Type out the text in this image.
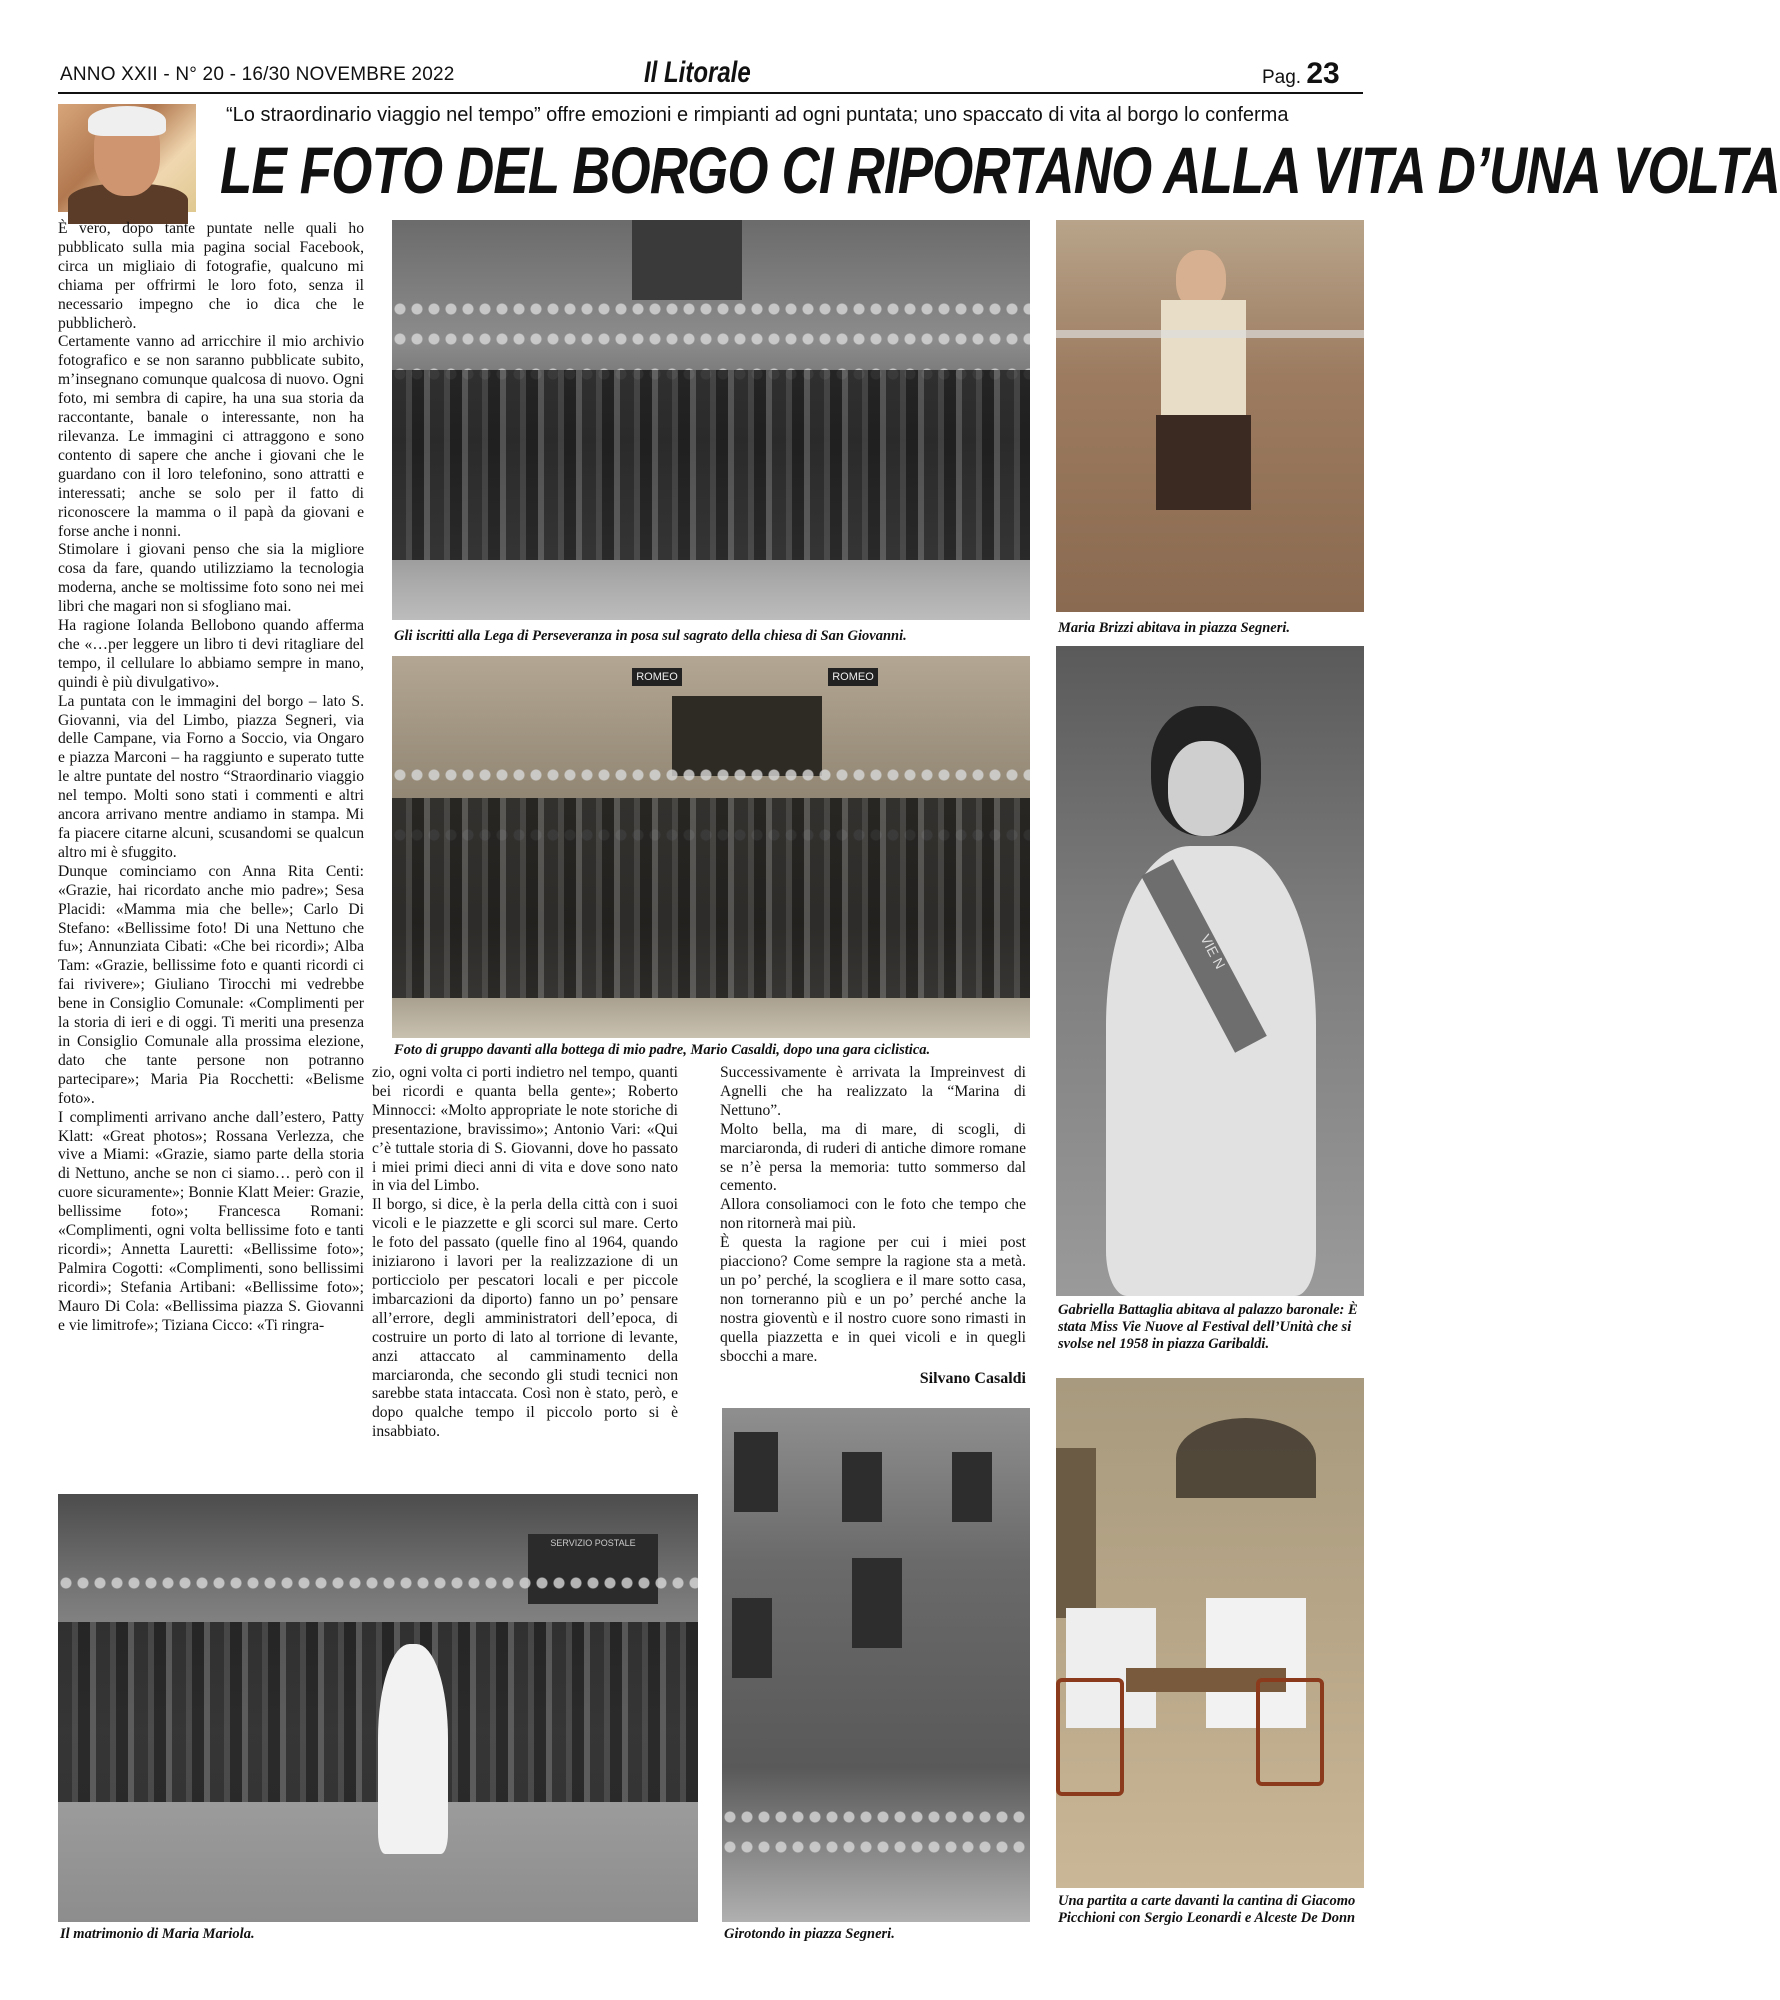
ANNO XXII - N° 20 - 16/30 NOVEMBRE 2022	Il Litorale	Pag. 23
“Lo straordinario viaggio nel tempo” offre emozioni e rimpianti ad ogni puntata; uno spaccato di vita al borgo lo conferma
LE FOTO DEL BORGO CI RIPORTANO ALLA VITA D’UNA VOLTA

È vero, dopo tante puntate nelle quali ho pubblicato sulla mia pagina social Facebook, circa un migliaio di fotografie, qualcuno mi chiama per offrirmi le loro foto, senza il necessario impegno che io dica che le pubblicherò.

Certamente vanno ad arricchire il mio archivio fotografico e se non saranno pubblicate subito, m’insegnano comunque qualcosa di nuovo. Ogni foto, mi sembra di capire, ha una sua storia da raccontante, banale o interessante, non ha rilevanza. Le immagini ci attraggono e sono contento di sapere che anche i giovani che le guardano con il loro telefonino, sono attratti e interessati; anche se solo per il fatto di riconoscere la mamma o il papà da giovani e forse anche i nonni.

Stimolare i giovani penso che sia la migliore cosa da fare, quando utilizziamo la tecnologia moderna, anche se moltissime foto sono nei mei libri che magari non si sfogliano mai.

Ha ragione Iolanda Bellobono quando afferma che «…per leggere un libro ti devi ritagliare del tempo, il cellulare lo abbiamo sempre in mano, quindi è più divulgativo».

La puntata con le immagini del borgo – lato S. Giovanni, via del Limbo, piazza Segneri, via delle Campane, via Forno a Soccio, via Ongaro e piazza Marconi – ha raggiunto e superato tutte le altre puntate del nostro “Straordinario viaggio nel tempo. Molti sono stati i commenti e altri ancora arrivano mentre andiamo in stampa. Mi fa piacere citarne alcuni, scusandomi se qualcun altro mi è sfuggito.

Dunque cominciamo con Anna Rita Centi: «Grazie, hai ricordato anche mio padre»; Sesa Placidi: «Mamma mia che belle»; Carlo Di Stefano: «Bellissime foto! Di una Nettuno che fu»; Annunziata Cibati: «Che bei ricordi»; Alba Tam: «Grazie, bellissime foto e quanti ricordi ci fai rivivere»; Giuliano Tirocchi mi vedrebbe bene in Consiglio Comunale: «Complimenti per la storia di ieri e di oggi. Ti meriti una presenza in Consiglio Comunale alla prossima elezione, dato che tante persone non potranno partecipare»; Maria Pia Rocchetti: «Belisme foto».

I complimenti arrivano anche dall’estero, Patty Klatt: «Great photos»; Rossana Verlezza, che vive a Miami: «Grazie, siamo parte della storia di Nettuno, anche se non ci siamo… però con il cuore sicuramente»; Bonnie Klatt Meier: Grazie, bellissime foto»; Francesca Romani: «Complimenti, ogni volta bellissime foto e tanti ricordi»; Annetta Lauretti: «Bellissime foto»; Palmira Cogotti: «Complimenti, sono bellissimi ricordi»; Stefania Artibani: «Bellissime foto»; Mauro Di Cola: «Bellissima piazza S. Giovanni e vie limitrofe»; Tiziana Cicco: «Ti ringra-

zio, ogni volta ci porti indietro nel tempo, quanti bei ricordi e quanta bella gente»; Roberto Minnocci: «Molto appropriate le note storiche di presentazione, bravissimo»; Antonio Vari: «Qui c’è tuttale storia di S. Giovanni, dove ho passato i miei primi dieci anni di vita e dove sono nato in via del Limbo.

Il borgo, si dice, è la perla della città con i suoi vicoli e le piazzette e gli scorci sul mare. Certo le foto del passato (quelle fino al 1964, quando iniziarono i lavori per la realizzazione di un porticciolo per pescatori locali e per piccole imbarcazioni da diporto) fanno un po’ pensare all’errore, degli amministratori dell’epoca, di costruire un porto di lato al torrione di levante, anzi attaccato al camminamento della marciaronda, che secondo gli studi tecnici non sarebbe stata intaccata. Così non è stato, però, e dopo qualche tempo il piccolo porto si è insabbiato.

Successivamente è arrivata la Impreinvest di Agnelli che ha realizzato la “Marina di Nettuno”.

Molto bella, ma di mare, di scogli, di marciaronda, di ruderi di antiche dimore romane se n’è persa la memoria: tutto sommerso dal cemento.

Allora consoliamoci con le foto che tempo che non ritornerà mai più.

È questa la ragione per cui i miei post piacciono? Come sempre la ragione sta a metà. un po’ perché, la scogliera e il mare sotto casa, non torneranno più e un po’ perché anche la nostra gioventù e il nostro cuore sono rimasti in quella piazzetta e in quei vicoli e in quegli sbocchi a mare.

Silvano Casaldi
Gli iscritti alla Lega di Perseveranza in posa sul sagrato della chiesa di San Giovanni.	Maria Brizzi abitava in piazza Segneri.
ROMEO	ROMEO
Foto di gruppo davanti alla bottega di mio padre, Mario Casaldi, dopo una gara ciclistica.
VIE N
Gabriella Battaglia abitava al palazzo baronale: È stata Miss Vie Nuove al Festival dell’Unità che si svolse nel 1958 in piazza Garibaldi.
SERVIZIO POSTALE
Il matrimonio di Maria Mariola.	Girotondo in piazza Segneri.
Una partita a carte davanti la cantina di Giacomo Picchioni con Sergio Leonardi e Alceste De Donn
